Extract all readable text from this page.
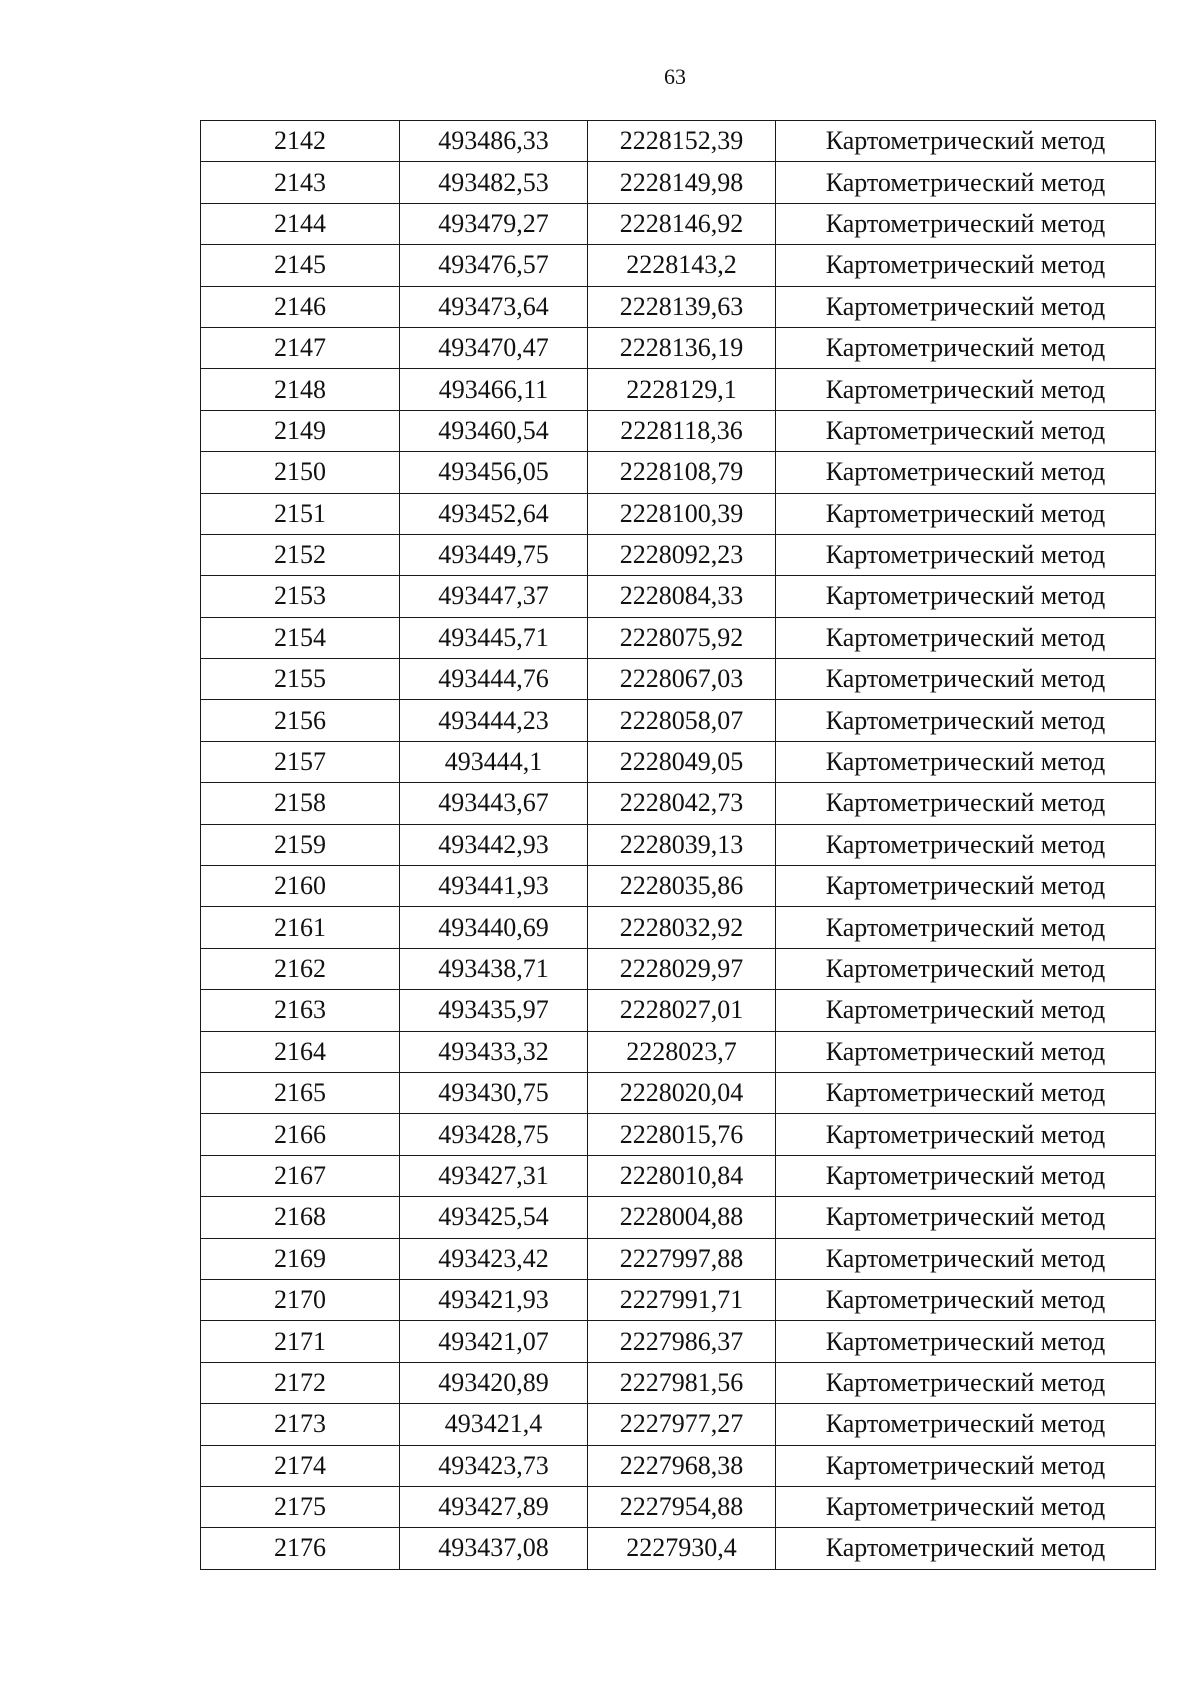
63
2142	493486,33	2228152,39	Картометрический метод
2143	493482,53	2228149,98	Картометрический метод
2144	493479,27	2228146,92	Картометрический метод
2145	493476,57	2228143,2	Картометрический метод
2146	493473,64	2228139,63	Картометрический метод
2147	493470,47	2228136,19	Картометрический метод
2148	493466,11	2228129,1	Картометрический метод
2149	493460,54	2228118,36	Картометрический метод
2150	493456,05	2228108,79	Картометрический метод
2151	493452,64	2228100,39	Картометрический метод
2152	493449,75	2228092,23	Картометрический метод
2153	493447,37	2228084,33	Картометрический метод
2154	493445,71	2228075,92	Картометрический метод
2155	493444,76	2228067,03	Картометрический метод
2156	493444,23	2228058,07	Картометрический метод
2157	493444,1	2228049,05	Картометрический метод
2158	493443,67	2228042,73	Картометрический метод
2159	493442,93	2228039,13	Картометрический метод
2160	493441,93	2228035,86	Картометрический метод
2161	493440,69	2228032,92	Картометрический метод
2162	493438,71	2228029,97	Картометрический метод
2163	493435,97	2228027,01	Картометрический метод
2164	493433,32	2228023,7	Картометрический метод
2165	493430,75	2228020,04	Картометрический метод
2166	493428,75	2228015,76	Картометрический метод
2167	493427,31	2228010,84	Картометрический метод
2168	493425,54	2228004,88	Картометрический метод
2169	493423,42	2227997,88	Картометрический метод
2170	493421,93	2227991,71	Картометрический метод
2171	493421,07	2227986,37	Картометрический метод
2172	493420,89	2227981,56	Картометрический метод
2173	493421,4	2227977,27	Картометрический метод
2174	493423,73	2227968,38	Картометрический метод
2175	493427,89	2227954,88	Картометрический метод
2176	493437,08	2227930,4	Картометрический метод
